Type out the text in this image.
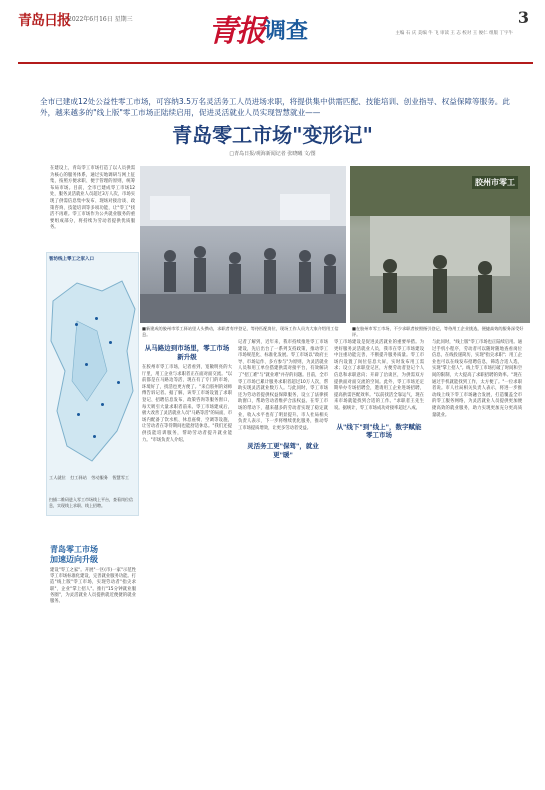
青岛日报
2022年6月16日 星期三	青报 调查	主编 石 庆 美编 牛 飞 审读 王 志 校对 王 俊仁 组版 丁宇牛
3
全市已建成12处公益性零工市场，可容纳3.5万名灵活务工人员进场求职，将提供集中供需匹配、技能培训、创业指导、权益保障等服务。此外，越来越多的"线上版"零工市场正陆续启用，促进灵活就业人员实现智慧就业——
青岛零工市场"变形记"
□青岛日报/观海新闻记者 张晓曦 文/图
在建设上，青岛零工市场打造了以人员供需为核心的服务体系，通过实地调研与网上征集，按照方便求职、便于管理的原则，统筹布局市场。目前，全市已建成零工市场12处，服务灵活就业人员超过3万人次，市场实现了供需信息集中发布、现场对接洽谈、政策咨询、技能培训等多项功能，让"零工"找活不再难。零工市场作为公共就业服务的重要组成部分，将持续为劳动者提供优质服务。
智坊线上零工之家入口
工人就位 打工驿站 劳动服务 智慧零工
扫描二维码进入零工市场线上平台，查看岗位信息，实现线上求职、线上招聘。
青岛零工市场
加速迈向升级
建设"零工之家"。开展"一区(市)一家"示范性零工市场标准化建设，完善就业服务功能。打造"线上版"零工市场，实现劳动者"指尖求职"，企业"掌上招人"。推行"15分钟就业服务圈"，为灵活就业人员提供就近便捷的就业服务。
胶州市零工
■新建成的胶州市零工驿站里人头攒动，求职者有序登记、等待匹配岗位，现场工作人员为大家介绍用工信息。
■在胶州市零工市场，不少求职者按照指引登记，等待用工企业挑选，便捷高效的服务深受好评。
从马路边到市场里，零工市场新升级
在胶州市零工市场，记者看到，宽敞明亮的大厅里，用工企业与求职者正在面对面交流。"以前都是在马路边等活，现在有了专门的市场，环境好了，找活也更方便了。"来自胶州的刘师傅告诉记者。据了解，该零工市场设置了求职登记、招聘信息发布、政策咨询等服务窗口，每天吸引大量求职者前来。零工市场建成后，极大改善了灵活就业人员"马路等活"的局面，市场内配备了饮水机、休息座椅、空调等设施，让劳动者在等待期间也能舒适休息。"我们还提供技能培训服务，帮助劳动者提升就业能力。"市场负责人介绍。
记者了解到，近年来，我市持续推进零工市场建设，先后出台了一系列支持政策，推动零工市场规范化、标准化发展。零工市场以"政府主导、市场运作、多方参与"为原则，为灵活就业人员和用工单位搭建供需对接平台，有效解决了"招工难"与"就业难"并存的问题。目前，全市零工市场已累计服务求职者超过10万人次，帮助实现灵活就业数万人。与此同时，零工市场还为劳动者提供权益保障服务，设立了法律援助窗口，帮助劳动者维护合法权益。在零工市场的带动下，越来越多的劳动者实现了稳定就业，收入水平也有了明显提升。市人社局相关负责人表示，下一步将继续优化服务，推动零工市场提质增效，让更多劳动者受益。
灵活务工更"保驾"，就业更"暖"
零工市场建设是促进灵活就业的重要举措。为更好服务灵活就业人员，我市在零工市场建设中注重功能完善，不断提升服务质量。零工市场内设置了岗位信息大屏，实时发布用工需求；设立了求职登记区，方便劳动者登记个人信息和求职意向；开辟了洽谈区，为供需双方提供面对面交流的空间。此外，零工市场还定期举办专场招聘会，邀请用工企业进场招聘，提高供需匹配效率。"以前找活全靠运气，现在来市场就能找到合适的工作。"求职者王先生说。据统计，零工市场成功对接率超过八成。
从"线下"到"线上"，数字赋能零工市场
与此同时，"线上版"零工市场也正陆续启用。通过手机小程序，劳动者可以随时随地查看岗位信息，在线投递简历，实现"指尖求职"；用工企业也可以在线发布招聘信息，筛选合适人选，实现"掌上招人"。线上零工市场打破了时间和空间的限制，大大提高了求职招聘的效率。"现在通过手机就能找到工作，太方便了。"一位求职者说。市人社局相关负责人表示，将进一步推动线上线下零工市场融合发展，打造覆盖全市的零工服务网络，为灵活就业人员提供更加便捷高效的就业服务，助力实现更加充分更高质量就业。
